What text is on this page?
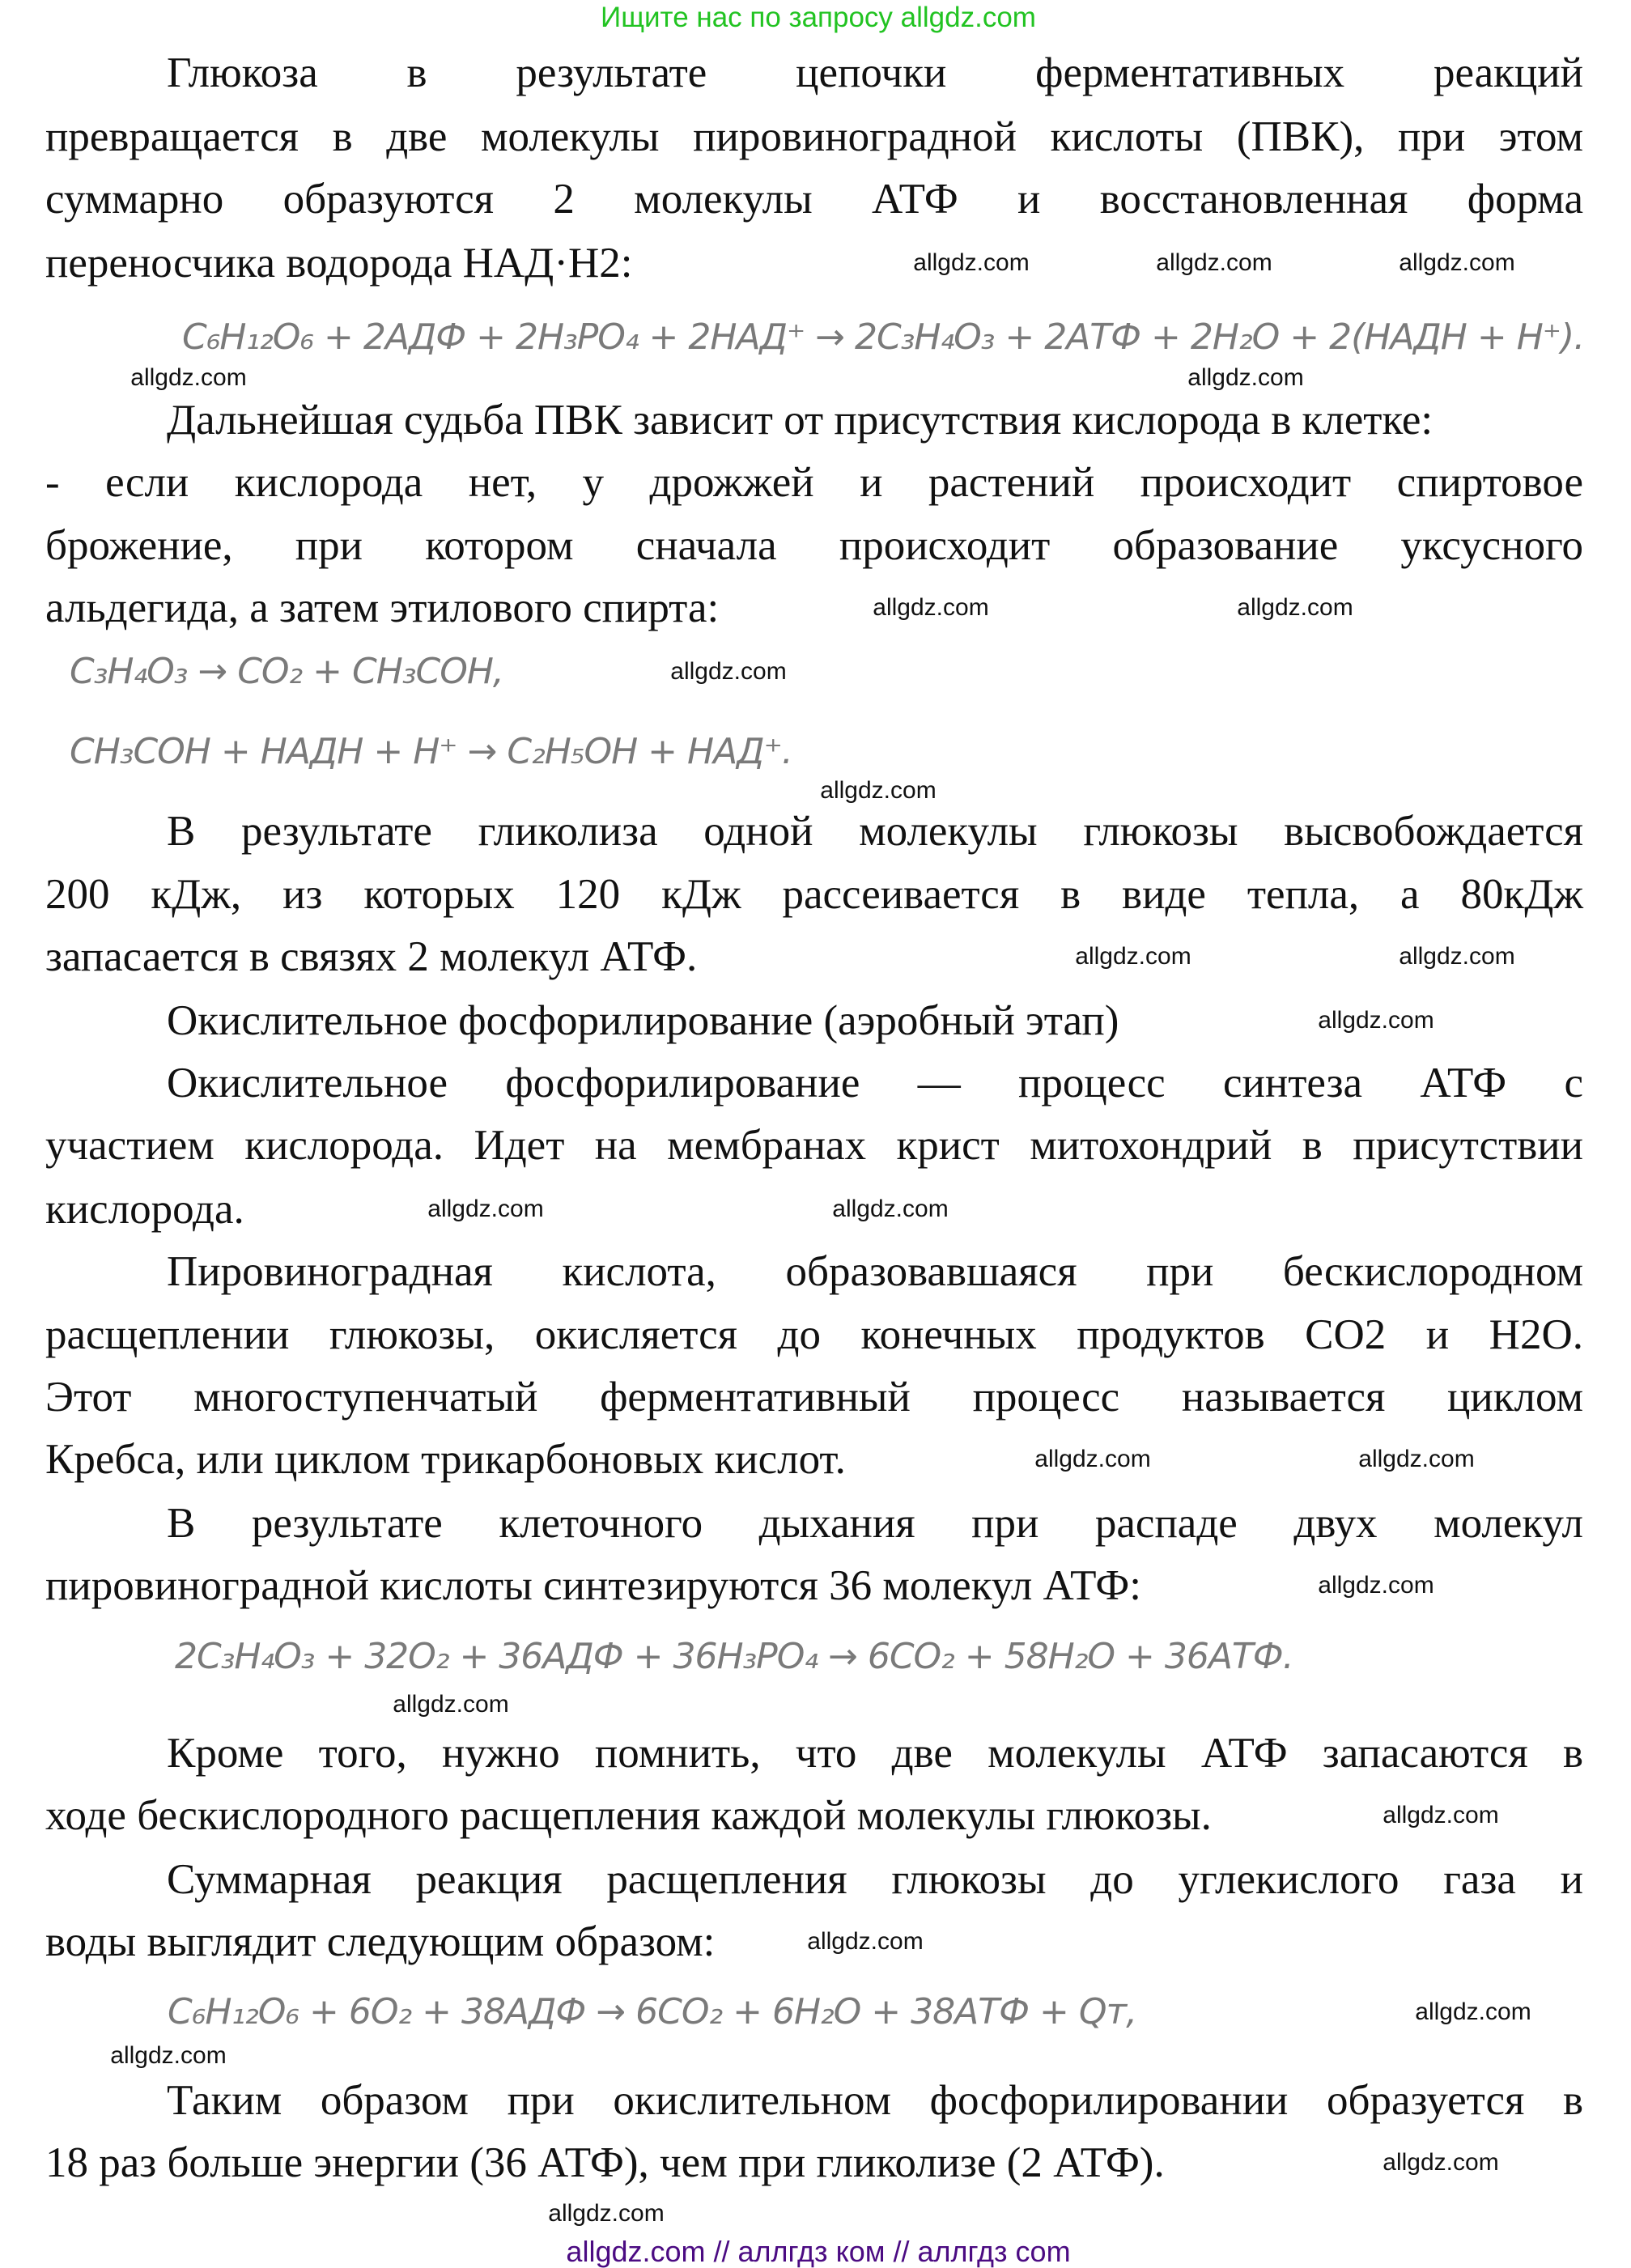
Ищите нас по запросу allgdz.com
Глюкоза в результате цепочки ферментативных реакций
превращается в две молекулы пировиноградной кислоты (ПВК), при этом
суммарно образуются 2 молекулы АТФ и восстановленная форма
переносчика водорода НАД·Н2:
Дальнейшая судьба ПВК зависит от присутствия кислорода в клетке:
- если кислорода нет, у дрожжей и растений происходит спиртовое
брожение, при котором сначала происходит образование уксусного
альдегида, а затем этилового спирта:
В результате гликолиза одной молекулы глюкозы высвобождается
200 кДж, из которых 120 кДж рассеивается в виде тепла, а 80кДж
запасается в связях 2 молекул АТФ.
Окислительное фосфорилирование (аэробный этап)
Окислительное фосфорилирование — процесс синтеза АТФ с
участием кислорода. Идет на мембранах крист митохондрий в присутствии
кислорода.
Пировиноградная кислота, образовавшаяся при бескислородном
расщеплении глюкозы, окисляется до конечных продуктов СО2 и Н2О.
Этот многоступенчатый ферментативный процесс называется циклом
Кребса, или циклом трикарбоновых кислот.
В результате клеточного дыхания при распаде двух молекул
пировиноградной кислоты синтезируются 36 молекул АТФ:
Кроме того, нужно помнить, что две молекулы АТФ запасаются в
ходе бескислородного расщепления каждой молекулы глюкозы.
Суммарная реакция расщепления глюкозы до углекислого газа и
воды выглядит следующим образом:
Таким образом при окислительном фосфорилировании образуется в
18 раз больше энергии (36 АТФ), чем при гликолизе (2 АТФ).
C₆H₁₂O₆ + 2АДФ + 2H₃PO₄ + 2НАД⁺ → 2C₃H₄O₃ + 2АТФ + 2H₂O + 2(НАДН + H⁺).
C₃H₄O₃ → CO₂ + CH₃COH,
CH₃COH + НАДН + H⁺ → C₂H₅OH + НАД⁺.
2C₃H₄O₃ + 32O₂ + 36АДФ + 36H₃PO₄ → 6CO₂ + 58H₂O + 36АТФ.
C₆H₁₂O₆ + 6O₂ + 38АДФ → 6CO₂ + 6H₂O + 38АТФ + Qт,
allgdz.com	allgdz.com	allgdz.com
allgdz.com	allgdz.com
allgdz.com	allgdz.com
allgdz.com
allgdz.com
allgdz.com	allgdz.com
allgdz.com
allgdz.com	allgdz.com
allgdz.com	allgdz.com
allgdz.com
allgdz.com
allgdz.com
allgdz.com
allgdz.com
allgdz.com
allgdz.com
allgdz.com
allgdz.com // аллгдз ком // аллгдз com
